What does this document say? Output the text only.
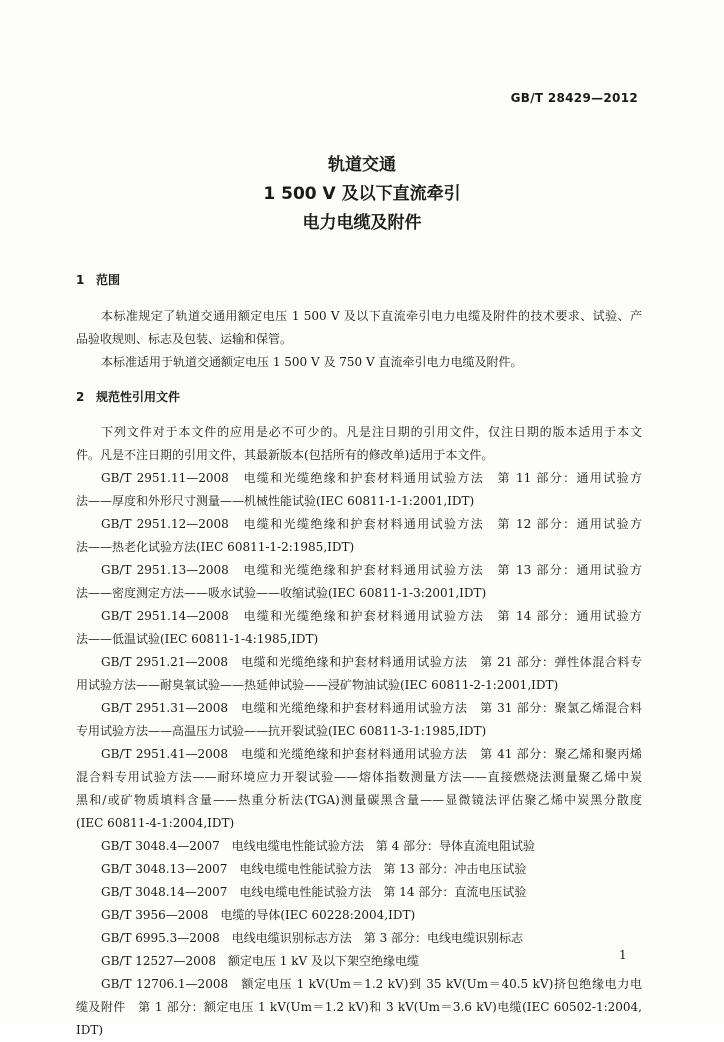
GB/T 28429—2012
轨道交通
1 500 V 及以下直流牵引
电力电缆及附件
1 范围
本标准规定了轨道交通用额定电压 1 500 V 及以下直流牵引电力电缆及附件的技术要求、试验、产
品验收规则、标志及包装、运输和保管。
本标准适用于轨道交通额定电压 1 500 V 及 750 V 直流牵引电力电缆及附件。
2 规范性引用文件
下列文件对于本文件的应用是必不可少的。凡是注日期的引用文件，仅注日期的版本适用于本文
件。凡是不注日期的引用文件，其最新版本(包括所有的修改单)适用于本文件。
GB/T 2951.11—2008　电缆和光缆绝缘和护套材料通用试验方法　第 11 部分：通用试验方
法——厚度和外形尺寸测量——机械性能试验(IEC 60811-1-1:2001,IDT)
GB/T 2951.12—2008　电缆和光缆绝缘和护套材料通用试验方法　第 12 部分：通用试验方
法——热老化试验方法(IEC 60811-1-2:1985,IDT)
GB/T 2951.13—2008　电缆和光缆绝缘和护套材料通用试验方法　第 13 部分：通用试验方
法——密度测定方法——吸水试验——收缩试验(IEC 60811-1-3:2001,IDT)
GB/T 2951.14—2008　电缆和光缆绝缘和护套材料通用试验方法　第 14 部分：通用试验方
法——低温试验(IEC 60811-1-4:1985,IDT)
GB/T 2951.21—2008　电缆和光缆绝缘和护套材料通用试验方法　第 21 部分：弹性体混合料专
用试验方法——耐臭氧试验——热延伸试验——浸矿物油试验(IEC 60811-2-1:2001,IDT)
GB/T 2951.31—2008　电缆和光缆绝缘和护套材料通用试验方法　第 31 部分：聚氯乙烯混合料
专用试验方法——高温压力试验——抗开裂试验(IEC 60811-3-1:1985,IDT)
GB/T 2951.41—2008　电缆和光缆绝缘和护套材料通用试验方法　第 41 部分：聚乙烯和聚丙烯
混合料专用试验方法——耐环境应力开裂试验——熔体指数测量方法——直接燃烧法测量聚乙烯中炭
黑和/或矿物质填料含量——热重分析法(TGA)测量碳黑含量——显微镜法评估聚乙烯中炭黑分散度
(IEC 60811-4-1:2004,IDT)
GB/T 3048.4—2007　电线电缆电性能试验方法　第 4 部分：导体直流电阻试验
GB/T 3048.13—2007　电线电缆电性能试验方法　第 13 部分：冲击电压试验
GB/T 3048.14—2007　电线电缆电性能试验方法　第 14 部分：直流电压试验
GB/T 3956—2008　电缆的导体(IEC 60228:2004,IDT)
GB/T 6995.3—2008　电线电缆识别标志方法　第 3 部分：电线电缆识别标志
GB/T 12527—2008　额定电压 1 kV 及以下架空绝缘电缆
GB/T 12706.1—2008　额定电压 1 kV(Um＝1.2 kV)到 35 kV(Um＝40.5 kV)挤包绝缘电力电
缆及附件　第 1 部分：额定电压 1 kV(Um＝1.2 kV)和 3 kV(Um＝3.6 kV)电缆(IEC 60502-1:2004,
IDT)
1
